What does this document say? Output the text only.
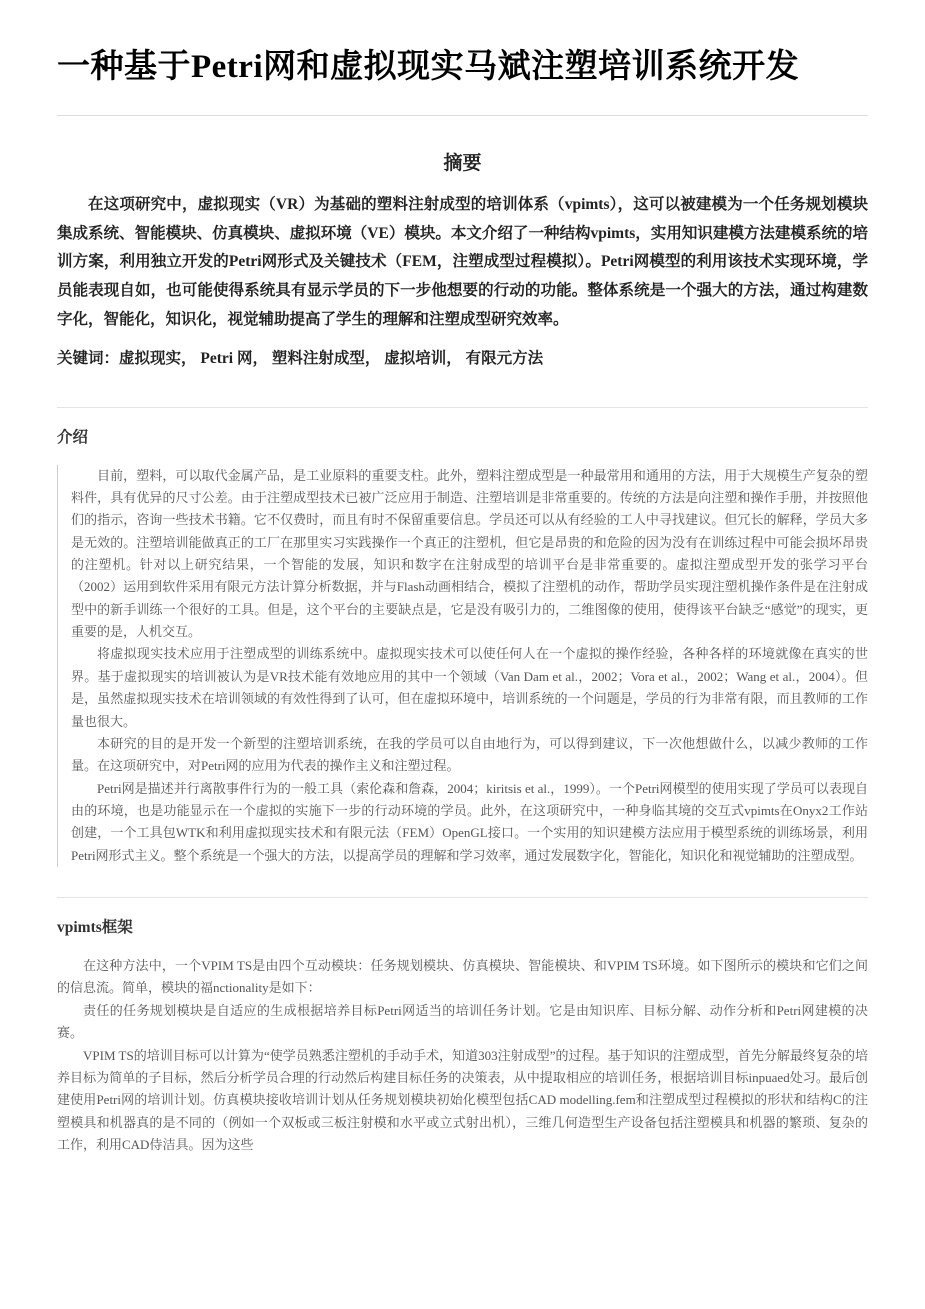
一种基于Petri网和虚拟现实马斌注塑培训系统开发
摘要

在这项研究中，虚拟现实（VR）为基础的塑料注射成型的培训体系（vpimts），这可以被建模为一个任务规划模块集成系统、智能模块、仿真模块、虚拟环境（VE）模块。本文介绍了一种结构vpimts，实用知识建模方法建模系统的培训方案，利用独立开发的Petri网形式及关键技术（FEM，注塑成型过程模拟）。Petri网模型的利用该技术实现环境，学员能表现自如，也可能使得系统具有显示学员的下一步他想要的行动的功能。整体系统是一个强大的方法，通过构建数字化，智能化，知识化，视觉辅助提高了学生的理解和注塑成型研究效率。

关键词：虚拟现实， Petri 网， 塑料注射成型， 虚拟培训， 有限元方法

介绍

目前，塑料，可以取代金属产品，是工业原料的重要支柱。此外，塑料注塑成型是一种最常用和通用的方法，用于大规模生产复杂的塑料件，具有优异的尺寸公差。由于注塑成型技术已被广泛应用于制造、注塑培训是非常重要的。传统的方法是向注塑和操作手册，并按照他们的指示，咨询一些技术书籍。它不仅费时，而且有时不保留重要信息。学员还可以从有经验的工人中寻找建议。但冗长的解释，学员大多是无效的。注塑培训能做真正的工厂在那里实习实践操作一个真正的注塑机，但它是昂贵的和危险的因为没有在训练过程中可能会损坏昂贵的注塑机。针对以上研究结果，一个智能的发展，知识和数字在注射成型的培训平台是非常重要的。虚拟注塑成型开发的张学习平台（2002）运用到软件采用有限元方法计算分析数据，并与Flash动画相结合，模拟了注塑机的动作，帮助学员实现注塑机操作条件是在注射成型中的新手训练一个很好的工具。但是，这个平台的主要缺点是，它是没有吸引力的，二维图像的使用，使得该平台缺乏“感觉”的现实，更重要的是，人机交互。

将虚拟现实技术应用于注塑成型的训练系统中。虚拟现实技术可以使任何人在一个虚拟的操作经验，各种各样的环境就像在真实的世界。基于虚拟现实的培训被认为是VR技术能有效地应用的其中一个领域（Van Dam et al.，2002；Vora et al.，2002；Wang et al.，2004）。但是，虽然虚拟现实技术在培训领域的有效性得到了认可，但在虚拟环境中，培训系统的一个问题是，学员的行为非常有限，而且教师的工作量也很大。

本研究的目的是开发一个新型的注塑培训系统，在我的学员可以自由地行为，可以得到建议，下一次他想做什么，以减少教师的工作量。在这项研究中，对Petri网的应用为代表的操作主义和注塑过程。

Petri网是描述并行离散事件行为的一般工具（索伦森和詹森，2004；kiritsis et al.，1999）。一个Petri网模型的使用实现了学员可以表现自由的环境，也是功能显示在一个虚拟的实施下一步的行动环境的学员。此外，在这项研究中，一种身临其境的交互式vpimts在Onyx2工作站创建，一个工具包WTK和利用虚拟现实技术和有限元法（FEM）OpenGL接口。一个实用的知识建模方法应用于模型系统的训练场景，利用Petri网形式主义。整个系统是一个强大的方法，以提高学员的理解和学习效率，通过发展数字化，智能化，知识化和视觉辅助的注塑成型。

vpimts框架

在这种方法中，一个VPIM TS是由四个互动模块：任务规划模块、仿真模块、智能模块、和VPIM TS环境。如下图所示的模块和它们之间的信息流。简单，模块的福nctionality是如下：

责任的任务规划模块是自适应的生成根据培养目标Petri网适当的培训任务计划。它是由知识库、目标分解、动作分析和Petri网建模的决赛。

VPIM TS的培训目标可以计算为“使学员熟悉注塑机的手动手术，知道303注射成型”的过程。基于知识的注塑成型，首先分解最终复杂的培养目标为简单的子目标，然后分析学员合理的行动然后构建目标任务的决策表，从中提取相应的培训任务，根据培训目标inpuaed处习。最后创建使用Petri网的培训计划。仿真模块接收培训计划从任务规划模块初始化模型包括CAD modelling.fem和注塑成型过程模拟的形状和结构C的注塑模具和机器真的是不同的（例如一个双板或三板注射模和水平或立式射出机），三维几何造型生产设备包括注塑模具和机器的繁琐、复杂的工作，利用CAD侍洁具。因为这些
